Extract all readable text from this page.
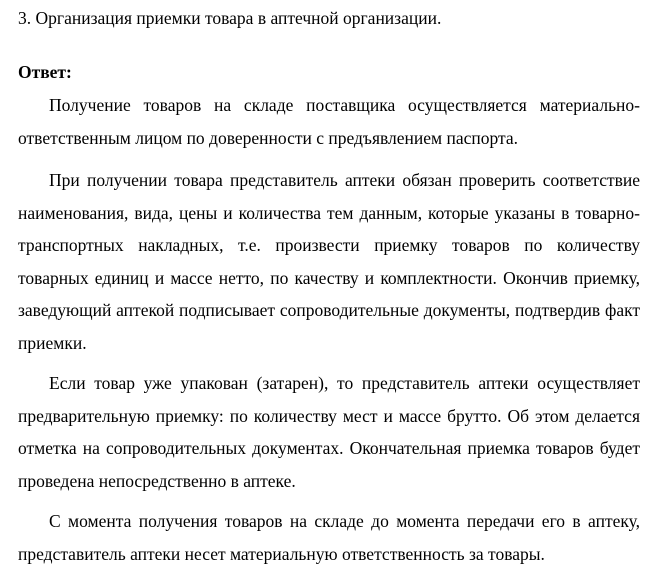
3. Организация приемки товара в аптечной организации.

Ответ:

Получение товаров на складе поставщика осуществляется материально-ответственным лицом по доверенности с предъявлением паспорта.

При получении товара представитель аптеки обязан проверить соответствие наименования, вида, цены и количества тем данным, которые указаны в товарно-транспортных накладных, т.е. произвести приемку товаров по количеству товарных единиц и массе нетто, по качеству и комплектности. Окончив приемку, заведующий аптекой подписывает сопроводительные документы, подтвердив факт приемки.

Если товар уже упакован (затарен), то представитель аптеки осуществляет предварительную приемку: по количеству мест и массе брутто. Об этом делается отметка на сопроводительных документах. Окончательная приемка товаров будет проведена непосредственно в аптеке.

С момента получения товаров на складе до момента передачи его в аптеку, представитель аптеки несет материальную ответственность за товары.
